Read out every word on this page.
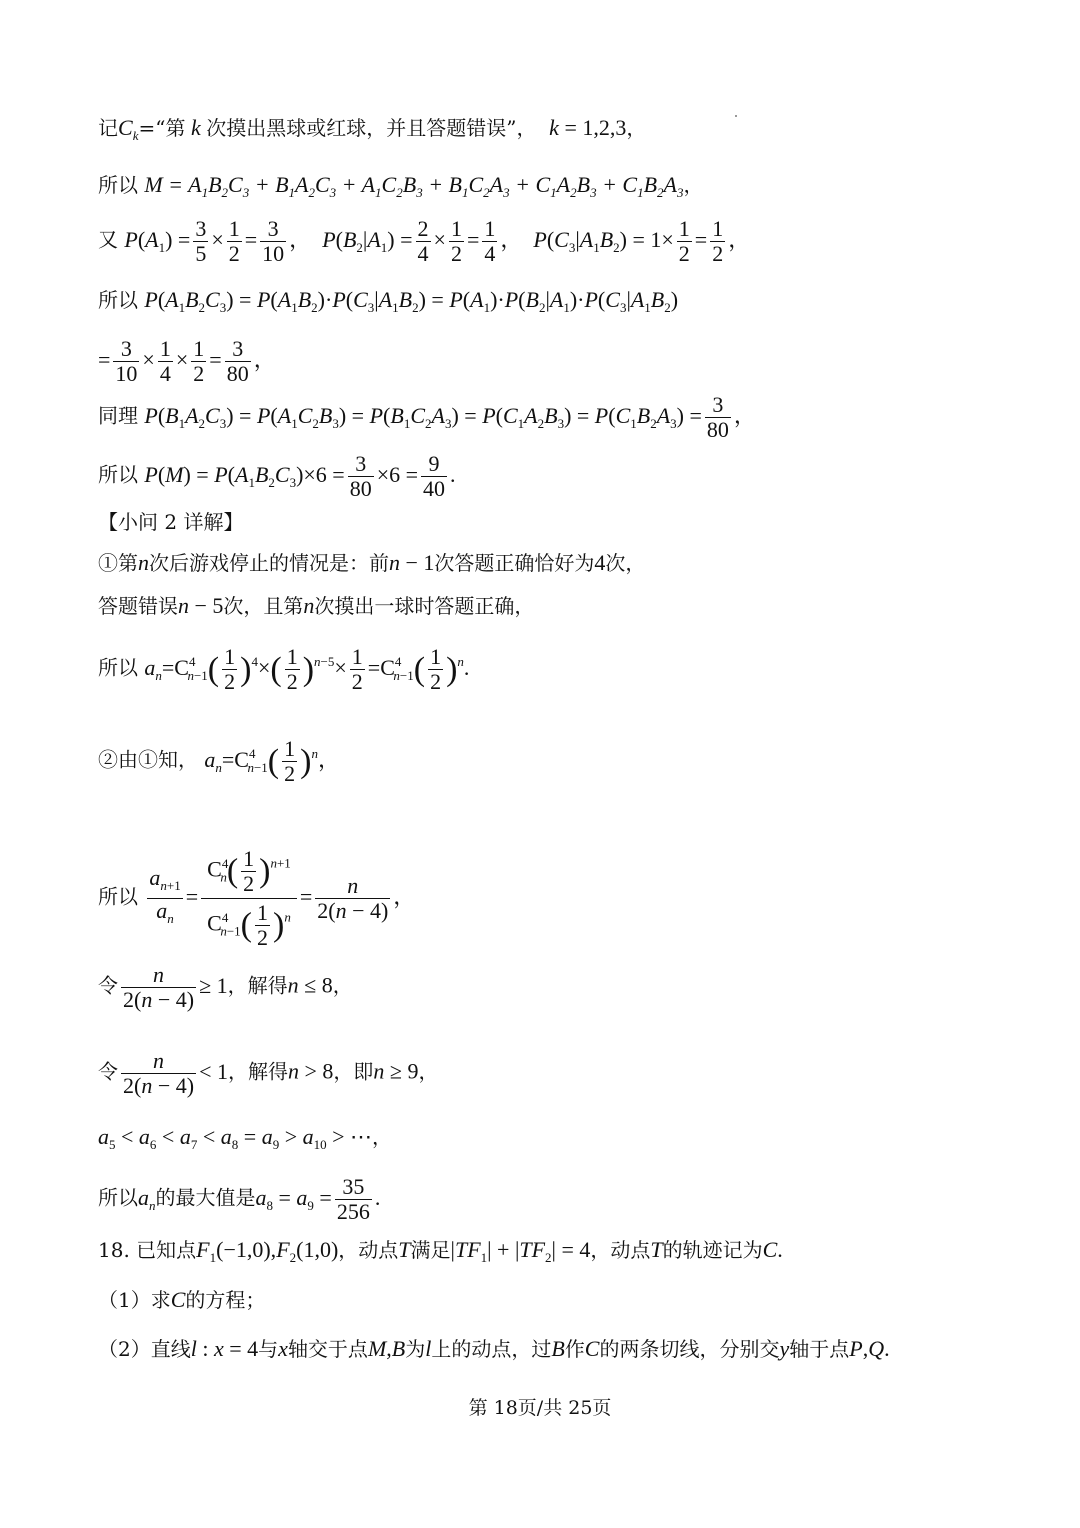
记$C_k=“$第 k 次摸出黑球或红球，并且答题错误”， k = 1,2,3，
所以 $M = A_1B_2C_3 + B_1A_2C_3 + A_1C_2B_3 + B_1C_2A_3 + C_1A_2B_3 + C_1B_2A_3$，
又 $P(A_1) = \frac{3}{5} \times \frac{1}{2} = \frac{3}{10}$ ，  $P(B_2|A_1) = \frac{2}{4} \times \frac{1}{2} = \frac{1}{4}$ ，  $P(C_3|A_1B_2) = 1\times \frac{1}{2} = \frac{1}{2}$ ，
所以 $P(A_1B_2C_3) = P(A_1B_2)\cdot P(C_3|A_1B_2) = P(A_1)\cdot P(B_2|A_1)\cdot P(C_3|A_1B_2)$
= $\frac{3}{10} \times \frac{1}{4} \times \frac{1}{2} = \frac{3}{80}$ ，
同理 $P(B_1A_2C_3) = P(A_1C_2B_3) = P(B_1C_2A_3) = P(C_1A_2B_3) = P(C_1B_2A_3) = \frac{3}{80}$ ，
所以 $P(M) = P(A_1B_2C_3)\times 6 = \frac{3}{80} \times 6 = \frac{9}{40}$ .
【小问 2 详解】
①第n次后游戏停止的情况是：前n − 1次答题正确恰好为4次，
答题错误n − 5次，且第n次摸出一球时答题正确，
所以 $a_n=C^4_{n-1}( \frac{1}{2} )^4\times( \frac{1}{2} )^{n-5}\times \frac{1}{2} =C^4_{n-1}( \frac{1}{2} )^n$.
②由①知， $a_n=C^4_{n-1}( \frac{1}{2} )^n$，
所以 $\frac{a_{n+1}}{a_n} = \frac{C^4_n( \frac{1}{2} )^{n+1}}{C^4_{n-1}( \frac{1}{2} )^n} = \frac{n}{2(n - 4)}$ ，
令 $\frac{n}{2(n - 4)} \ge 1$，解得n ≤ 8，
令 $\frac{n}{2(n - 4)} < 1$，解得n > 8，即n ≥ 9，
$a_5 < a_6 < a_7 < a_8 = a_9 > a_{10}$ > ⋯，
所以$a_n$的最大值是$a_8 = a_9 = \frac{35}{256}$ .
18. 已知点$F_1(-1,0),F_2(1,0)$，动点T满足$|TF_1| + |TF_2| = 4$，动点T的轨迹记为C.
（1）求C的方程；
（2）直线l : x = 4与x轴交于点M,B为l上的动点，过B作C的两条切线，分别交y轴于点P,Q.
第 18页/共 25页
